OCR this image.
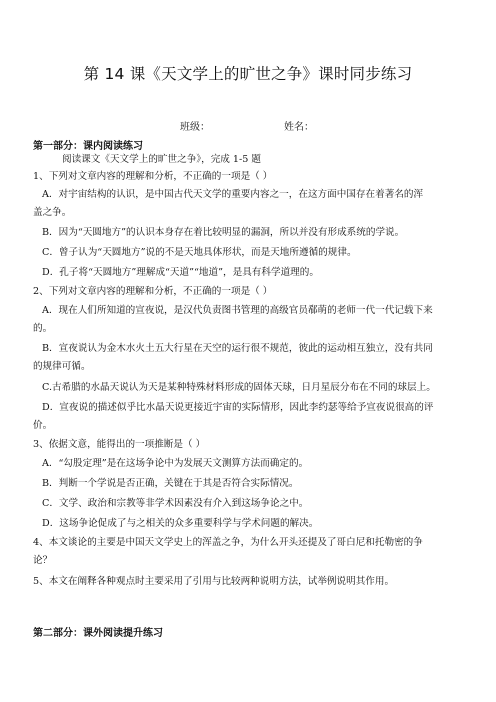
第 14 课《天文学上的旷世之争》课时同步练习
班级：	姓名：
第一部分：课内阅读练习
阅读课文《天文学上的旷世之争》，完成 1-5 题
1、下列对文章内容的理解和分析，不正确的一项是（ ）
A．对宇宙结构的认识，是中国古代天文学的重要内容之一，在这方面中国存在着著名的浑
盖之争。
B．因为“天圆地方”的认识本身存在着比较明显的漏洞，所以并没有形成系统的学说。
C．曾子认为“天圆地方”说的不是天地具体形状，而是天地所遵循的规律。
D．孔子将“天圆地方”理解成“天道”“地道”，是具有科学道理的。
2、下列对文章内容的理解和分析，不正确的一项是（ ）
A．现在人们所知道的宣夜说，是汉代负责图书管理的高级官员郗萌的老师一代一代记载下来
的。
B．宣夜说认为金木水火土五大行星在天空的运行很不规范，彼此的运动相互独立，没有共同
的规律可循。
C.古希腊的水晶天说认为天是某种特殊材料形成的固体天球，日月星辰分布在不同的球层上。
D．宣夜说的描述似乎比水晶天说更接近宇宙的实际情形，因此李约瑟等给予宣夜说很高的评
价。
3、依据文意，能得出的一项推断是（ ）
A．“勾股定理”是在这场争论中为发展天文测算方法而确定的。
B．判断一个学说是否正确，关键在于其是否符合实际情况。
C．文学、政治和宗教等非学术因素没有介入到这场争论之中。
D．这场争论促成了与之相关的众多重要科学与学术问题的解决。
4、本文谈论的主要是中国天文学史上的浑盖之争，为什么开头还提及了哥白尼和托勒密的争
论？
5、本文在阐释各种观点时主要采用了引用与比较两种说明方法，试举例说明其作用。
第二部分：课外阅读提升练习
